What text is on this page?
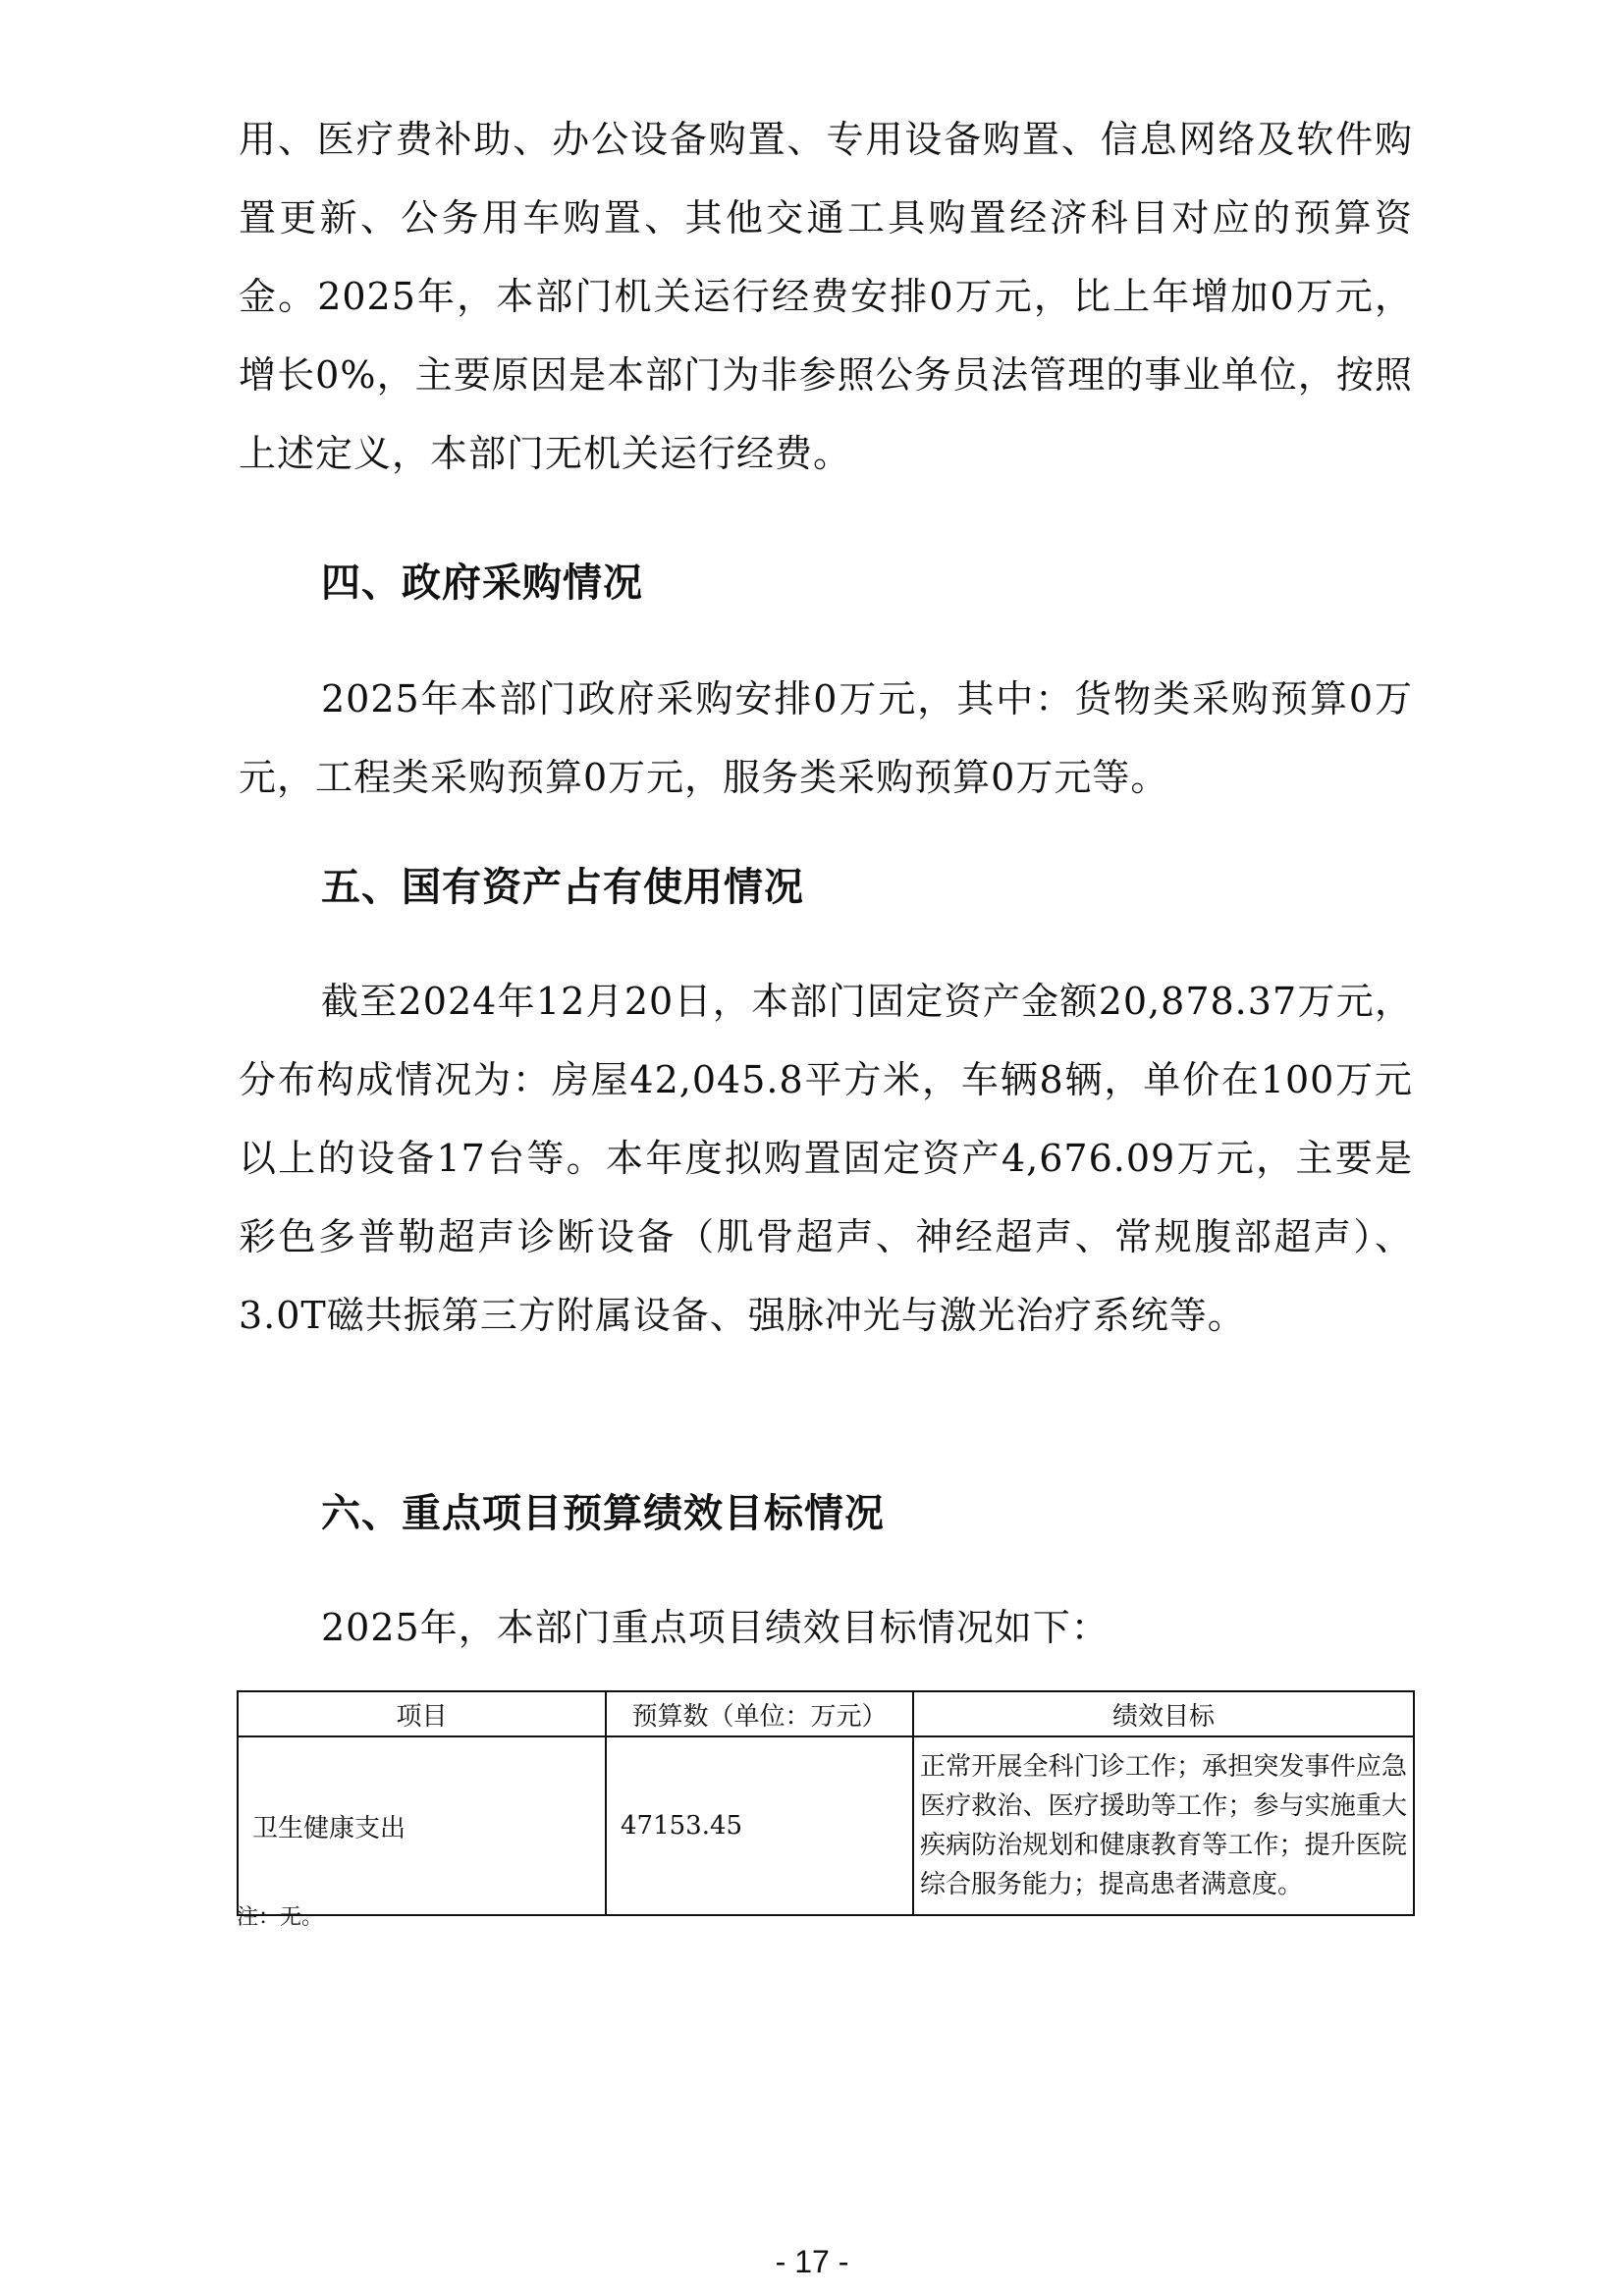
用、医疗费补助、办公设备购置、专用设备购置、信息网络及软件购置更新、公务用车购置、其他交通工具购置经济科目对应的预算资金。2025年，本部门机关运行经费安排0万元，比上年增加0万元，增长0%，主要原因是本部门为非参照公务员法管理的事业单位，按照上述定义，本部门无机关运行经费。

四、政府采购情况

2025年本部门政府采购安排0万元，其中：货物类采购预算0万元，工程类采购预算0万元，服务类采购预算0万元等。

五、国有资产占有使用情况

截至2024年12月20日，本部门固定资产金额20,878.37万元，分布构成情况为：房屋42,045.8平方米，车辆8辆，单价在100万元以上的设备17台等。本年度拟购置固定资产4,676.09万元，主要是彩色多普勒超声诊断设备（肌骨超声、神经超声、常规腹部超声）、3.0T磁共振第三方附属设备、强脉冲光与激光治疗系统等。

六、重点项目预算绩效目标情况

2025年，本部门重点项目绩效目标情况如下：

项目	预算数（单位：万元）	绩效目标
卫生健康支出	47153.45	正常开展全科门诊工作；承担突发事件应急医疗救治、医疗援助等工作；参与实施重大疾病防治规划和健康教育等工作；提升医院综合服务能力；提高患者满意度。

注：无。

- 17 -
